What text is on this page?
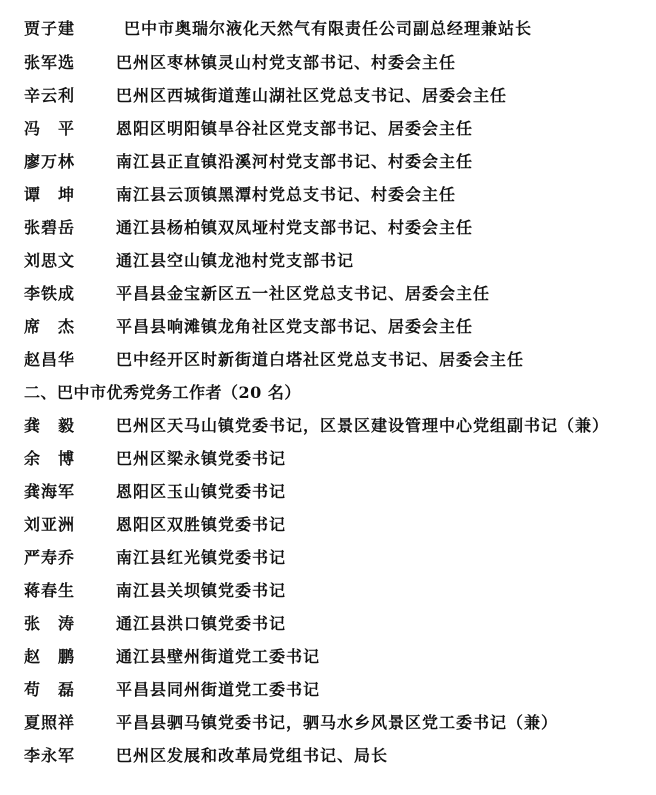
贾子建	巴中市奥瑞尔液化天然气有限责任公司副总经理兼站长
张军选	巴州区枣林镇灵山村党支部书记、村委会主任
辛云利	巴州区西城街道莲山湖社区党总支书记、居委会主任
冯　平	恩阳区明阳镇旱谷社区党支部书记、居委会主任
廖万林	南江县正直镇沿溪河村党支部书记、村委会主任
谭　坤	南江县云顶镇黑潭村党总支书记、村委会主任
张碧岳	通江县杨柏镇双凤垭村党支部书记、村委会主任
刘思文	通江县空山镇龙池村党支部书记
李铁成	平昌县金宝新区五一社区党总支书记、居委会主任
席　杰	平昌县响滩镇龙角社区党支部书记、居委会主任
赵昌华	巴中经开区时新街道白塔社区党总支书记、居委会主任
二、巴中市优秀党务工作者（20 名）
龚　毅	巴州区天马山镇党委书记，区景区建设管理中心党组副书记（兼）
余　博	巴州区梁永镇党委书记
龚海军	恩阳区玉山镇党委书记
刘亚洲	恩阳区双胜镇党委书记
严寿乔	南江县红光镇党委书记
蒋春生	南江县关坝镇党委书记
张　涛	通江县洪口镇党委书记
赵　鹏	通江县壁州街道党工委书记
苟　磊	平昌县同州街道党工委书记
夏照祥	平昌县驷马镇党委书记，驷马水乡风景区党工委书记（兼）
李永军	巴州区发展和改革局党组书记、局长
